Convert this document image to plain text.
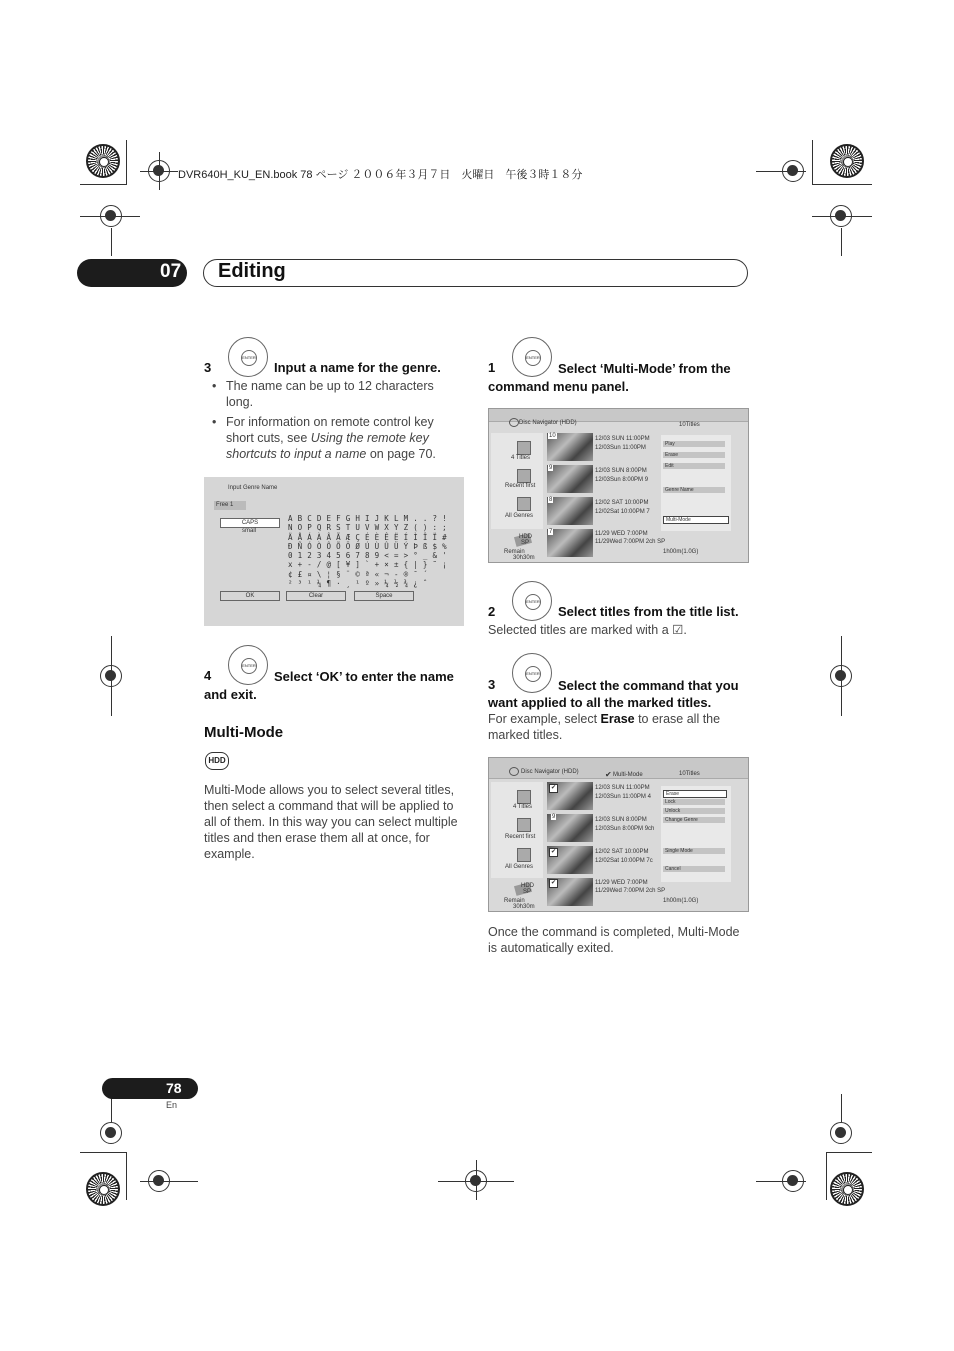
DVR640H_KU_EN.book 78 ページ ２００６年３月７日　火曜日　午後３時１８分
07 Editing
ENTER
3	Input a name for the genre.
• The name can be up to 12 characters long.
• For information on remote control key short cuts, see Using the remote key shortcuts to input a name on page 70.
Input Genre Name
Free 1
CAPS
small
A B C D E F G H I J K L M . . ? !
N O P Q R S T U V W X Y Z ( ) : ;
Ä Å Á À Â Ã Æ Ç É È Ê Ë Í Ì Î Ï #
Ð Ñ Ó Ò Ô Õ Ö Ø Ú Ù Û Ü Ý Þ ß $ %
0 1 2 3 4 5 6 7 8 9 < = > ° _ & '
x + - / @ [ ¥ ] ` + × ± { | } ˜ ¡
¢ £ ¤ \ ¦ § ¨ © ª « ¬ - ® ¯ ´
² ³ ¹ ¼ ¶ · ¸ ¹ º » ¼ ½ ¾ ¿ ˆ
OK	Clear	Space
ENTER
4	Select ‘OK’ to enter the name and exit.
Multi-Mode
HDD
Multi-Mode allows you to select several titles, then select a command that will be applied to all of them. In this way you can select multiple titles and then erase them all at once, for example.
ENTER
1	Select ‘Multi-Mode’ from the command menu panel.
Disc Navigator (HDD)	10Titles
4 Titles
Recent first
All Genres
HDD
SP
Remain
30h30m
10	12/03 SUN 11:00PM
12/03Sun 11:00PM
9	12/03 SUN 8:00PM
12/03Sun 8:00PM 9
8	12/02 SAT 10:00PM
12/02Sat 10:00PM 7
7	11/29 WED 7:00PM
11/29Wed 7:00PM 2ch SP
1h00m(1.0G)
Play
Erase
Edit
Genre Name
Multi-Mode
ENTER
2	Select titles from the title list.
Selected titles are marked with a ☑.
ENTER
3	Select the command that you want applied to all the marked titles.
For example, select Erase to erase all the marked titles.
Disc Navigator (HDD)	✔ Multi-Mode	10Titles
4 Titles
Recent first
All Genres
HDD
SP
Remain
30h30m
✔	12/03 SUN 11:00PM
12/03Sun 11:00PM 4
9	12/03 SUN 8:00PM
12/03Sun 8:00PM 9ch
✔	12/02 SAT 10:00PM
12/02Sat 10:00PM 7c
✔	11/29 WED 7:00PM
11/29Wed 7:00PM 2ch SP
1h00m(1.0G)
Erase
Lock
Unlock
Change Genre
Single Mode
Cancel
Once the command is completed, Multi-Mode is automatically exited.
78
En
